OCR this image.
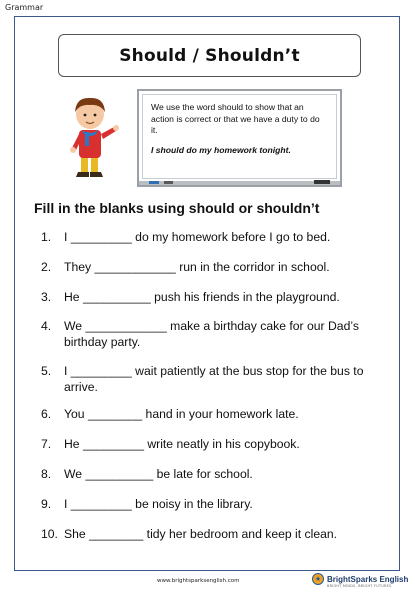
Grammar
Should / Shouldn’t

We use the word should to show that an action is correct or that we have a duty to do it.

I should do my homework tonight.

Fill in the blanks using should or shouldn’t
1.	I _________ do my homework before I go to bed.
2.	They ____________ run in the corridor in school.
3.	He __________ push his friends in the playground.
4.	We ____________ make a birthday cake for our Dad’s birthday party.
5.	I _________ wait patiently at the bus stop for the bus to arrive.
6.	You ________ hand in your homework late.
7.	He _________ write neatly in his copybook.
8.	We __________ be late for school.
9.	I _________ be noisy in the library.
10. She ________ tidy her bedroom and keep it clean.
www.brightsparksenglish.com	★ BrightSparks English
BRIGHT MINDS, BRIGHT FUTURES
